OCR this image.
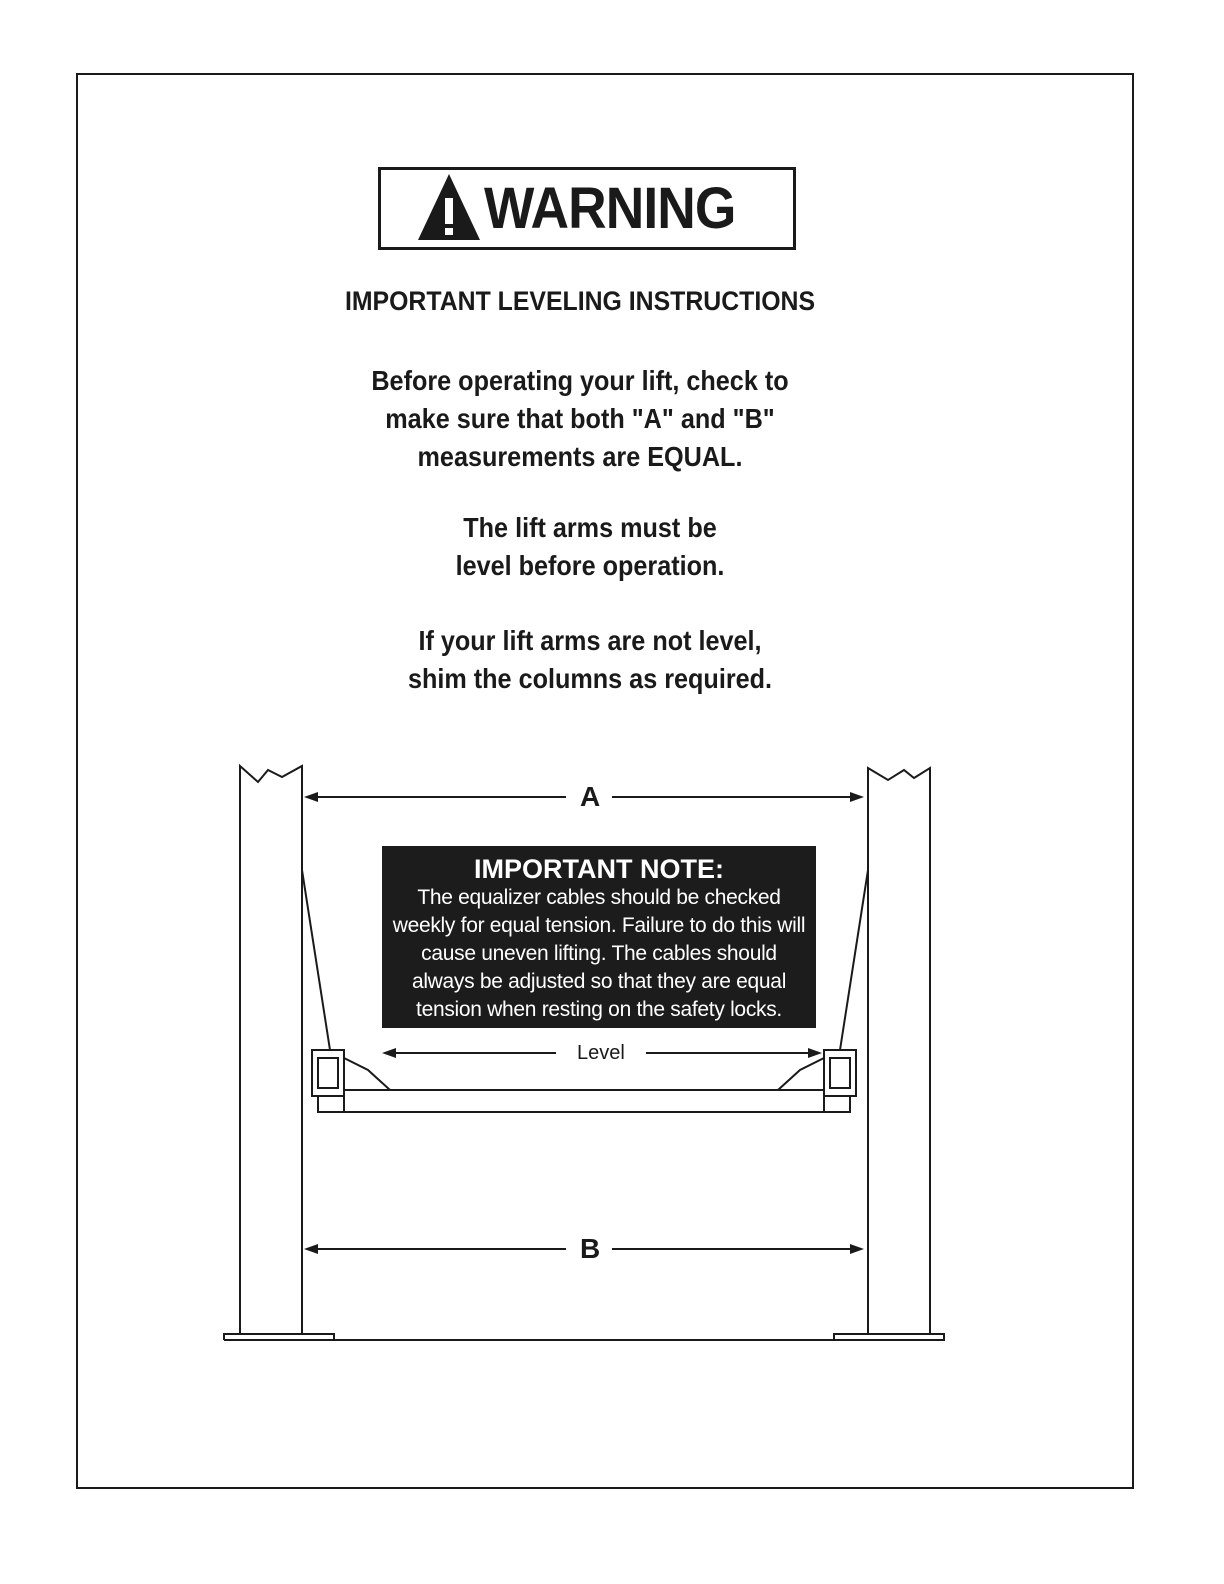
WARNING
IMPORTANT LEVELING INSTRUCTIONS
Before operating your lift, check to
make sure that both "A" and "B"
measurements are EQUAL.
The lift arms must be
level before operation.
If your lift arms are not level,
shim the columns as required.
A
B
Level
IMPORTANT NOTE:
The equalizer cables should be checked
weekly for equal tension. Failure to do this will
cause uneven lifting. The cables should
always be adjusted so that they are equal
tension when resting on the safety locks.
